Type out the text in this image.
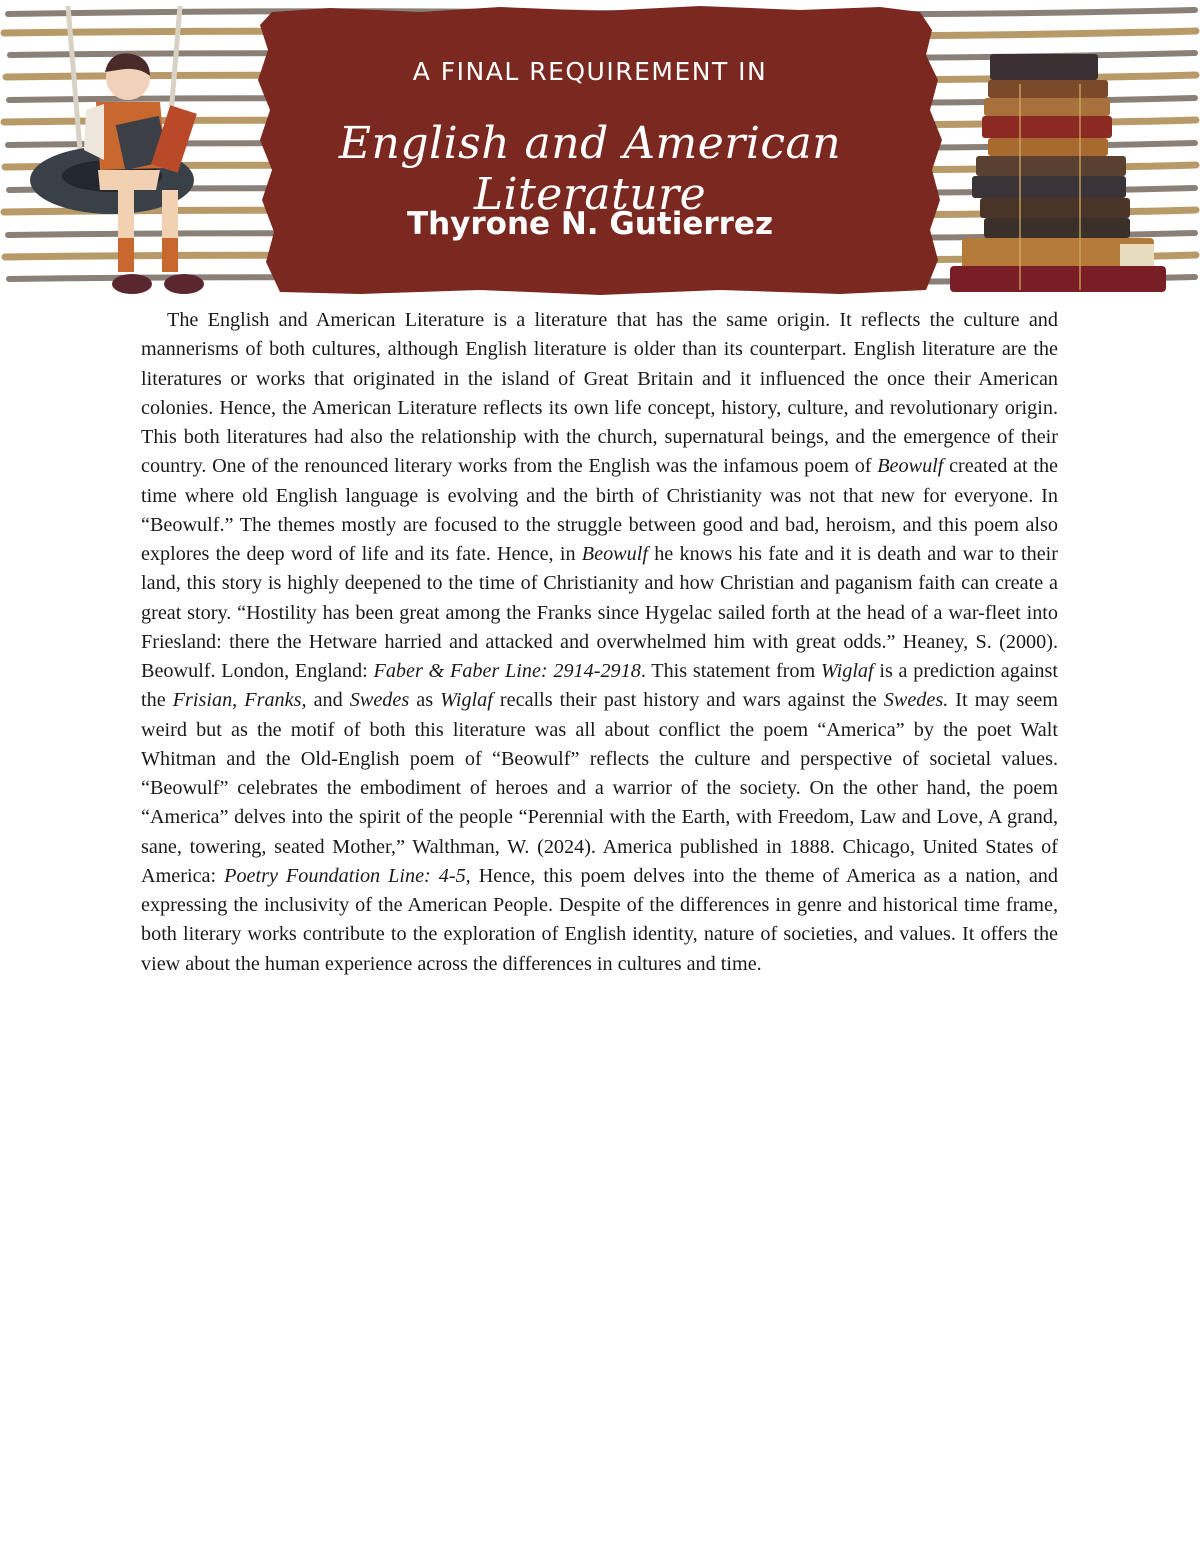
A FINAL REQUIREMENT IN
English and American Literature
Thyrone N. Gutierrez

The English and American Literature is a literature that has the same origin. It reflects the culture and mannerisms of both cultures, although English literature is older than its counterpart. English literature are the literatures or works that originated in the island of Great Britain and it influenced the once their American colonies. Hence, the American Literature reflects its own life concept, history, culture, and revolutionary origin. This both literatures had also the relationship with the church, supernatural beings, and the emergence of their country. One of the renounced literary works from the English was the infamous poem of Beowulf created at the time where old English language is evolving and the birth of Christianity was not that new for everyone. In “Beowulf.” The themes mostly are focused to the struggle between good and bad, heroism, and this poem also explores the deep word of life and its fate. Hence, in Beowulf he knows his fate and it is death and war to their land, this story is highly deepened to the time of Christianity and how Christian and paganism faith can create a great story. “Hostility has been great among the Franks since Hygelac sailed forth at the head of a war-fleet into Friesland: there the Hetware harried and attacked and overwhelmed him with great odds.” Heaney, S. (2000). Beowulf. London, England: Faber & Faber Line: 2914-2918. This statement from Wiglaf is a prediction against the Frisian, Franks, and Swedes as Wiglaf recalls their past history and wars against the Swedes. It may seem weird but as the motif of both this literature was all about conflict the poem “America” by the poet Walt Whitman and the Old-English poem of “Beowulf” reflects the culture and perspective of societal values. “Beowulf” celebrates the embodiment of heroes and a warrior of the society. On the other hand, the poem “America” delves into the spirit of the people “Perennial with the Earth, with Freedom, Law and Love, A grand, sane, towering, seated Mother,” Walthman, W. (2024). America published in 1888. Chicago, United States of America: Poetry Foundation Line: 4-5, Hence, this poem delves into the theme of America as a nation, and expressing the inclusivity of the American People. Despite of the differences in genre and historical time frame, both literary works contribute to the exploration of English identity, nature of societies, and values. It offers the view about the human experience across the differences in cultures and time.
